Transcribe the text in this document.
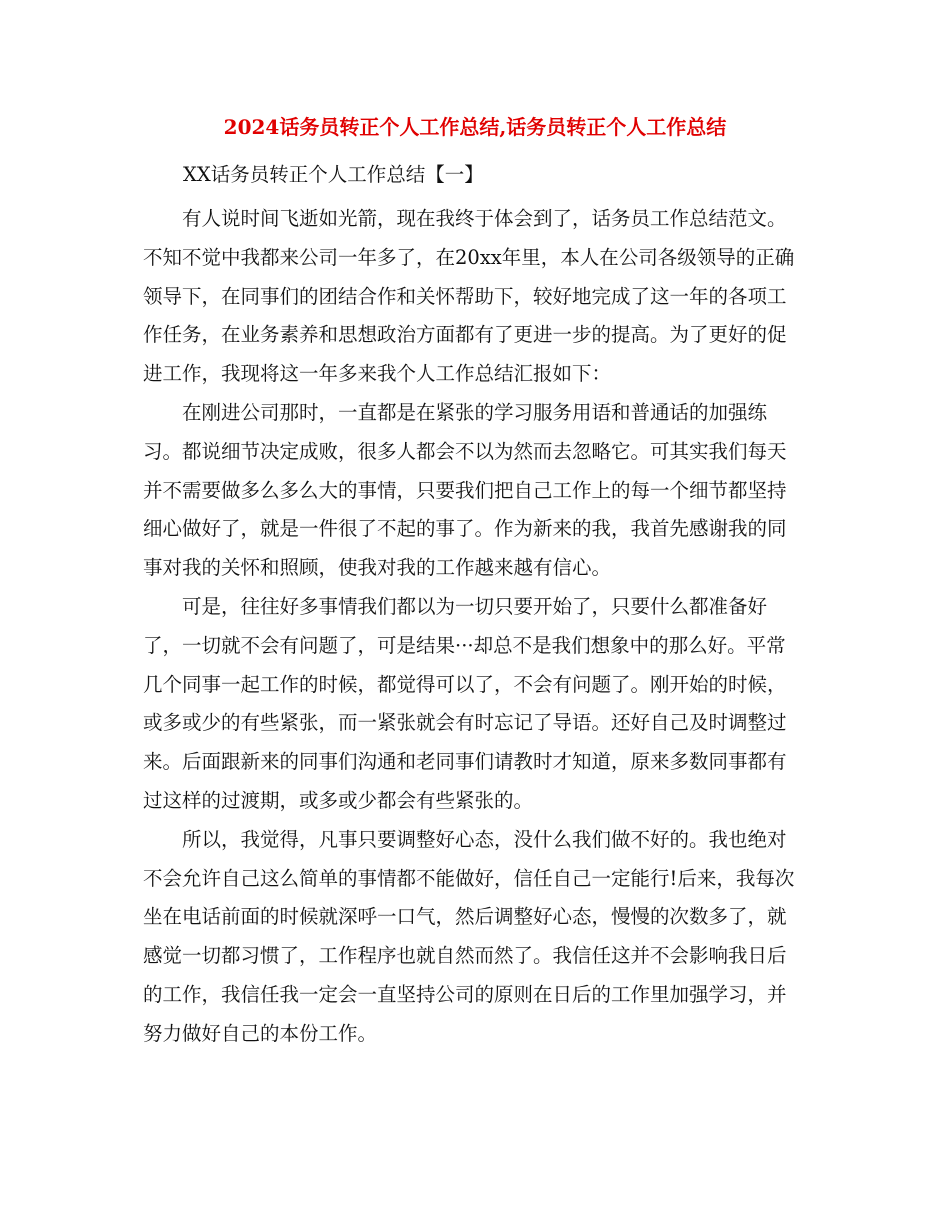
2024话务员转正个人工作总结,话务员转正个人工作总结
XX话务员转正个人工作总结【一】

有人说时间飞逝如光箭，现在我终于体会到了，话务员工作总结范文。不知不觉中我都来公司一年多了，在20xx年里，本人在公司各级领导的正确领导下，在同事们的团结合作和关怀帮助下，较好地完成了这一年的各项工作任务，在业务素养和思想政治方面都有了更进一步的提高。为了更好的促进工作，我现将这一年多来我个人工作总结汇报如下：

在刚进公司那时，一直都是在紧张的学习服务用语和普通话的加强练习。都说细节决定成败，很多人都会不以为然而去忽略它。可其实我们每天并不需要做多么多么大的事情，只要我们把自己工作上的每一个细节都坚持细心做好了，就是一件很了不起的事了。作为新来的我，我首先感谢我的同事对我的关怀和照顾，使我对我的工作越来越有信心。

可是，往往好多事情我们都以为一切只要开始了，只要什么都准备好了，一切就不会有问题了，可是结果···却总不是我们想象中的那么好。平常几个同事一起工作的时候，都觉得可以了，不会有问题了。刚开始的时候，或多或少的有些紧张，而一紧张就会有时忘记了导语。还好自己及时调整过来。后面跟新来的同事们沟通和老同事们请教时才知道，原来多数同事都有过这样的过渡期，或多或少都会有些紧张的。

所以，我觉得，凡事只要调整好心态，没什么我们做不好的。我也绝对不会允许自己这么简单的事情都不能做好，信任自己一定能行!后来，我每次坐在电话前面的时候就深呼一口气，然后调整好心态，慢慢的次数多了，就感觉一切都习惯了，工作程序也就自然而然了。我信任这并不会影响我日后的工作，我信任我一定会一直坚持公司的原则在日后的工作里加强学习，并努力做好自己的本份工作。
